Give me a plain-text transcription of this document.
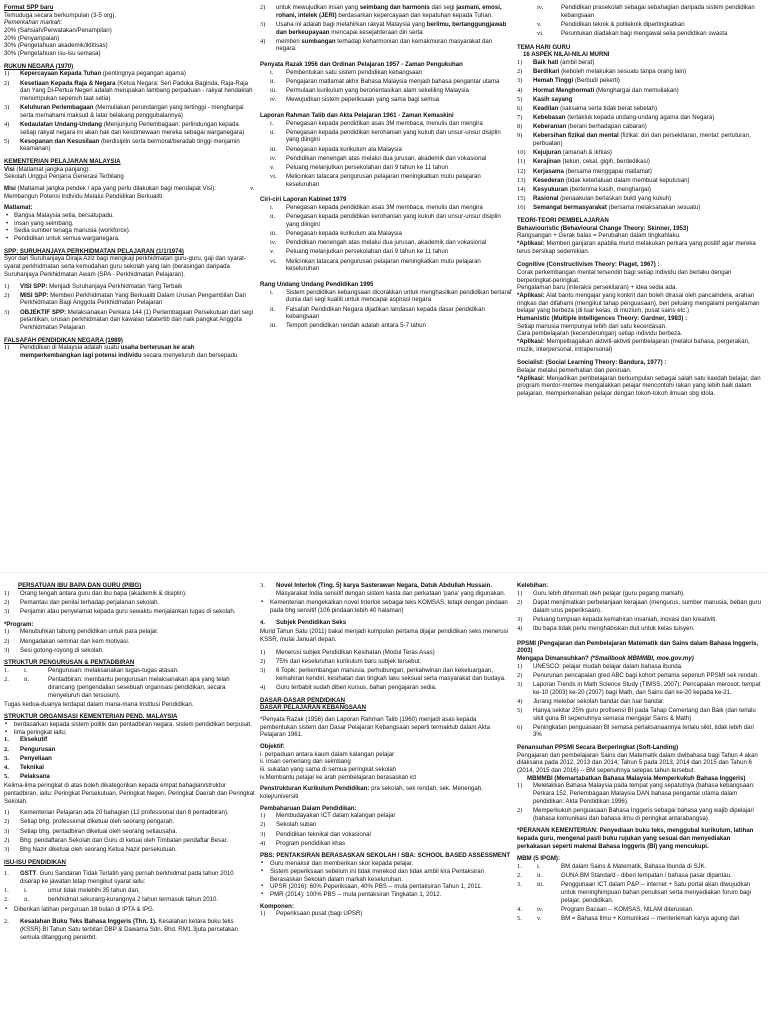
Format SPP baru

Temuduga secara berkumpulan (3-5 org).

Pemerkahan markah:

20% (Sahsiah/Perwatakan/Penampilan)

20% (Penyampaian)

30% (Pengetahuan akademik/iktitisas)

30% (Pengetahuan isu-isu semasa)

RUKUN NEGARA (1970)

1) Kepercayaan Kepada Tuhan (pentingnya pegangan agama)
2) Kesetiaan Kepada Raja & Negara (Ketua Negara: Seri Paduka Baginda, Raja-Raja dan Yang Di-Pertua Negeri adalah merupakan lambang perpaduan - rakyat hendaklah menumpukan sepenuh taat setia)
3) Keluhuran Perlembagaan (Memuliakan perundangan yang tertinggi - menghargai serta memahami maksud & latar belakang penggubalannya)
4) Kedaulatan Undang-Undang (Menjunjung Perlembagaan: perlindungan kepada setiap rakyat negara ini akan hak dan keistimewaan mereka sebagai warganegara)
5) Kesopanan dan Kesusilaan (berdisiplin serta bermoral/beradab tinggi menjamin keamanan)

KEMENTERIAN PELAJARAN MALAYSIA

Visi (Matlamat jangka panjang):

Sekolah Unggul Penjana Generasi Terbilang

Misi (Matlamat jangka pendek / apa yang perlu dilakukan bagi mendapat Visi):

Membangun Potensi Individu Melalui Pendidikan Berkualiti

Matlamat:

• Bangsa Malaysia setia, bersatupadu.
• Insan yang seimbang.
• Sedia sumber tenaga manusia (workforce).
• Pendidikan untuk semua warganegara.

SPP: SURUHANJAYA PERKHIDMATAN PELAJARAN (1/1/1974)

Syor dari Suruhanjaya Diraja Aziz bagi mengkaji perkhidmatan guru-guru, gaji dan syarat-syarat perkhidmatan serta kemudahan guru sekolah yang lain (berasingan daripada Suruhanjaya Perkhidmatan Awam (SPA - Perkhidmatan Pelajaran).

1) VISI SPP: Menjadi Suruhanjaya Perkhidmatan Yang Terbaik
2) MISI SPP: Memberi Perkhidmatan Yang Berkualiti Dalam Urusan Pengambilan Dan Perkhidmatan Bagi Anggota Perkhidmatan Pelajaran
3) OBJEKTIF SPP: Melaksanakan Perkara 144 (1) Perlembagaan Persekutuan dari segi pelantikan, urusan perkhidmatan dan kawalan tatatertib dan naik pangkat Anggota Perkhidmatan Pelajaran

FALSAFAH PENDIDIKAN NEGARA (1989)

1) Pendidikan di Malaysia adalah suatu usaha berterusan ke arah memperkembangkan lagi potensi individu secara menyeluruh dan bersepadu
v.
2) untuk mewujudkan insan yang seimbang dan harmonis dari segi jasmani, emosi, rohani, intelek (JERI) berdasarkan kepercayaan dan kepatuhan kepada Tuhan.
3) Usaha ini adalah bagi melahirkan rakyat Malaysia yang berilmu, bertanggungjawab dan berkeupayaan mencapai kesejahteraan diri serta
4) memberi sumbangan terhadap keharmonian dan kemakmuran masyarakat dan negara.

Penyata Razak 1956 dan Ordinan Pelajaran 1957 - Zaman Pengukuhan

i. Pembentukan satu sistem pendidikan kebangsaan
ii. Pengajaran matlamat akhir Bahasa Malaysia menjadi bahasa pengantar utama
iii. Permulaan kurikulum yang berorientasikan alam sekeliling Malaysia
iv. Mewujudkan sistem peperiksaan yang sama bagi semua

Laporan Rahman Talib dan Akta Pelajaran 1961 - Zaman Kemaskini

i. Penegasan kepada pendidikan asas 3M membaca, menulis dan mengira
ii. Penegasan kepada pendidikan kerohanian yang kukuh dan unsur-unsur disiplin yang diingini
iii. Penegasan kepada kurikulum ala Malaysia
iv. Pendidikan menengah atas melalui dua jurusan, akademik dan vokasional
v. Peluang melanjutkan persekolahan dari 9 tahun ke 11 tahun
vi. Melicinkan tatacara pengurusan pelajaran meningkatkan mutu pelajaran keseluruhan

Ciri-ciri Laporan Kabinet 1979

i. Penegasan kepada pendidikan asas 3M membaca, menulis dan mengira
ii. Penegasan kepada pendidikan kerohanian yang kukuh dan unsur-unsur disiplin yang diingini
iii. Penegasan kepada kurikulum ala Malaysia
iv. Pendidikan menengah atas melalui dua jurusan, akademik dan vokasional
v. Peluang melanjutkan persekolahan dari 9 tahun ke 11 tahun
vi. Melicinkan tatacara pengurusan pelajaran meningkatkan mutu pelajaran keseluruhan

Rang Undang Undang Pendidikan 1995

i. Sistem pendidikan kebangsaan dicorakkan untuk menghasilkan pendidikan bertaraf dunia dari segi kualiti untuk mencapai aspirasi negara
ii. Falsafah Pendidikan Negara dijadikan landasan kepada dasar pendidikan kebangsaan
iii. Tempoh pendidikan rendah adalah antara 5-7 tahun
iv.	Pendidikan prasekolah sebagai sebahagian daripada sistem pendidikan kebangsaan
v.	Pendidikan teknik & politeknik dipertingkatkan
vi.	Peruntukan diadakan bagi mengawal selia pendidikan swasta

TEMA HARI GURU

16 ASPEK NILAI-NILAI MURNI

1) Baik hati (ambil berat)
2) Berdikari (keboleh melakukan sesuatu tanpa orang lain)
3) Hemah Tinggi (Berbudi pekerti)
4) Hormat Menghormati (Menghargai dan memuliakan)
5) Kasih sayang
6) Keadilan (saksama serta tidak berat sebelah)
7) Kebebasan (tertakluk kepada undang-undang agama dan Negara)
8) Keberanian (berani berhadapan cabaran)
9) Kebersihan fizikal dan mental (fizikal: diri dan persekitaran, mental: pertuturan, perbuatan)
10) Kejujuran (amanah & ikhlas)
11) Kerajinan (tekun, cekal, gigih, berdedikasi)
12) Kerjasama (bersama menggapai matlamat)
13) Kesederan (tidak keterlaluan dalam membuat keputusan)
14) Kesyukuran (berterima kasih, menghargai)
15) Rasional (penaakulan berlaskan bukti yang kukuh)
16) Semangat bermasyarakat (bersama melaksanakan sesuatu)

TEORI-TEORI PEMBELAJARAN

Behaviouristic (Behavioural Change Theory: Skinner, 1953)

Rangsangan + Gerak balas = Perubahan dalam tingkahlaku.

*Aplikasi: Memberi ganjaran apabila murid melakukan perkara yang positif agar mereka terus bersikap sedemikian.

Cognitive (Constructivism Theory: Piaget, 1967) :

Corak perkembangan mental tersendiri bagi setiap individu dan berlaku dengan berperingkat-peringkat.

Pengalaman baru (interaksi persekitaran) + idea sedia ada.

*Aplikasi: Alat bantu mengajar yang konkrit dan boleh dirasai oleh pancaindera, arahan ringkas dan difahami (mengikut tahap penguasaan), beri peluang mengalami pengalaman belajar yang berbeza (di luar kelas, di muzium, pusat sains etc.)

Humanistic (Multiple Intelligences Theory: Gardner, 1983) :

Setiap manusia mempunyai lebih dari satu kecerdasan.

Cara pembelajaran (kecenderungan) setiap individu berbeza.

*Aplikasi: Mempelbagaikan aktiviti-aktiviti pembelajaran (melalui bahasa, pergerakan, muzik, interpersonal, intrapersonal)

Socialist: (Social Learning Theory: Bandura, 1977) :

Belajar melalui pemerhatian dan peniruan.

*Aplikasi: Menjadikan pembelajaran berkumpulan sebagai salah satu kaedah belajar, dan program mentor-mentee mengalakkan pelajar mencontohi rakan yang lebih baik dalam pelajaran, memperkenalkan pelajar dengan tokoh-tokoh ilmuan sbg idola.

PERSATUAN IBU BAPA DAN GURU (PIBG)

1) Orang tengah antara guru dan ibu bapa (akademik & disiplin).
2) Pemantau dan penilai terhadap perjalanan sekolah.
3) Penjamin atau penyelamat kepada guru sewaktu menjalankan tugas di sekolah.

*Program:

1) Menubuhkan tabung pendidikan untuk para pelajar.
2) Mengadakan seminar dan kem motivasi.
3) Sesi gotong-royong di sekolah.

STRUKTUR PENGURUSAN & PENTADBIRAN

1. i.	Pengurusan: melaksanakan tugas-tugas atasan.
2. ii.	Pentadbiran: membantu pengurusan melaksanakan apa yang telah dirancang (pengendalian sesebuah organisasi pendidikan, secara menyeluruh dan tersusun).

Tugas kedua-duanya terdapat dalam mana-mana Institusi Pendidikan.

STRUKTUR ORGANISASI KEMENTERIAN PEND. MALAYSIA

▪ berdasarkan kepada sistem politik dan pentadbiran negara. sistem pendidikan berpusat.
▪ lima peringkat iaitu;
1. Eksekutif
2. Pengurusan
3. Penyeliaan
4. Teknikal
5. Pelaksana

Kelima-lima peringkat di atas boleh dikategorikan kepada empat bahagian/struktur pentadbiran, iaitu: Peringkat Persekutuan, Peringkat Negeri, Peringkat Daerah dan Peringkat Sekolah.

1) Kementerian Pelajaran ada 20 bahagian (12 professional dan 8 pentadbiran).
2) Setiap bhg. professional diketuai oleh seorang pengarah.
3) Setiap bhg. pentadbiran diketuai oleh seorang setiausaha.
2) Bhg. pendaftaran Sekolah dan Guru di ketuai oleh Timbalan pendaftar Besar.
3) Bhg Nazir diketuai oleh seorang Ketua Nazir persekutuan.

ISU-ISU PENDIDIKAN

1. GSTT. Guru Sandaran Tidak Terlatih yang pernah berkhidmat pada tahun 2010 diserap ke jawatan tetap mengikut syarat iaitu:
1. i.	umur tidak melebihi 35 tahun dan,
2. ii.	berkhidmat sekurang-kurangnya 2 tahun termasuk tahun 2010.
▪ Diberikan latihan perguruan 18 bulan di IPTA & IPG.
2. Kesalahan Buku Teks Bahasa Inggeris (Thn. 1). Kesalahan ketara buku teks (KSSR) BI Tahun Satu terbitan DBP & Dawama Sdn. Bhd. RM1.3juta percetakan semula ditanggung penerbit.
3. Novel Interlok (Ting. 5) karya Sasterawan Negara, Datuk Abdullah Hussain. Masyarakat India sensitif dengan sistem kasta dan perkataan 'paria' yang digunakan.
▪ Kementerian mengekalkan novel Interlok sebagai teks KOMSAS, tetapi dengan pindaan pada bhg sensitif (106 pindaan:lebih 40 halaman)
4. Subjek Pendidikan Seks

Murid Tahun Satu (2011) bakal menjadi kumpulan pertama dijajar pendidikan seks menerusi KSSR, mulai Januari depan.

1) Menerusi subjek Pendidikan Kesihatan (Modul Teras Asas)
2) 75% dari keseluruhan kurikulum baru subjek tersebut.
3) 6 Topik: perkembangan manusia, perhubungan, perkahwinan dan kekeluargaan, kemahiran kendiri, kesihatan dan tingkah laku seksual serta masyarakat dan budaya.
4) Guru terbabit sudah diberi kursus, bahan pengajaran sedia.

DASAR-DASAR PENDIDIKAN

DASAR PELAJARAN KEBANGSAAN

*Penyata Razak (1956) dan Laporan Rahman Talib (1960) menjadi asas kepada pembentukan sistem dan Dasar Pelajaran Kebangsaan seperti termaktub dalam Akta Pelajaran 1961.

Objektif:

i. perpaduan antara kaum dalam kalangan pelajar

ii. insan cemerlang dan seimbang

iii. sukatan yang sama di semua peringkat sekolah

iv.Membantu pelajar ke arah pembelajaran berasaskan ict

Penstrukturan Kurikulum Pendidikan: pra sekolah, sek rendah, sek. Menengah, kolej/universiti

Pembaharuan Dalam Pendidikan:

1) Membudayakan ICT dalam kalangan pelajar
2) Sekolah suban
3) Pendidikan teknikal dan vokasional
4) Program pendidikan khas

PBS: PENTAKSIRAN BERASASKAN SEKOLAH / SBA: SCHOOL BASED ASSESSMENT

▪ Guru menaksir dan memberikan skor kepada pelajar.
▪ Sistem peperiksaan sebelum ini tidak merekod dan tidak ambil kira Pentaksiran Berasaskan Sekolah dalam markah keseluruhan.
▪ UPSR (2016): 60% Peperiksaan, 40% PBS -- mula pentaksiran Tahun 1, 2011.
▪ PMR (2014): 100% PBS -- mula pentaksiran Tingkatan 1, 2012.

Komponen:

1) Peperiksaan pusat (bagi UPSR)

Kelebihan:

1) Guru lebih dihormati oleh pelajar (guru pegang markah).
2) Dapat menjimatkan perbelanjaan kerajaan (mengurus, sumber manusia, beban guru dalam urus peperiksaan).
3) Peluang tumpuan kepada kemahiran insaniah, inovasi dan kreativiti.
4) Ibu bapa tidak perlu menghabiskan duit untuk kelas tuisyen.

PPSMI (Pengajaran dan Pembelajaran Matematik dan Sains dalam Bahasa Inggeris, 2003)

Mengapa Dimansuhkan? (*Smallbook MBMMBI, moe.gov.my)

1) UNESCO: pelajar mudah belajar dalam bahasa ibunda.
2) Penurunan pencapaian gred ABC bagi kohort pertama sepenuh PPSMI sek rendah.
3) Laporan Trends in Math Science Study (TIMSS, 2007): Pencapaian merosot, tempat ke-10 (2003) ke-20 (2007) bagi Math, dan Sains dari ke-20 kepada ke-21.
4) Jurang melebar sekolah bandar dan luar bandar.
5) Hanya sekitar 25% guru profisensi BI pada Tahap Cemerlang dan Baik (dan terlalu sikit guna BI sepenuhnya semasa mengajar Sains & Math)
6) Peningkatan penguasaan BI semasa perlaksanaannya terlalu sikit, tidak lebih dari 3%

Penansuhan PPSMI Secara Berperingkat (Soft-Landing)

Pengajaran dan pembelajaran Sains dan Matematik dalam dwibahasa bagi Tahun 4 akan dilaksana pada 2012, 2013 dan 2014; Tahun 5 pada 2013, 2014 dan 2015 dan Tahun 6 (2014, 2015 dan 2016) -- BM sepenuhnya selepas tahun tersebut.

MBMMBI (Memartabatkan Bahasa Malaysia Memperkukuh Bahasa Inggeris)

1) Meletakkan Bahasa Malaysia pada tempat yang sepatutnya (bahasa kebangsaan: Perkara 152, Perlembagaan Malaysia DAN bahasa pengantar utama dalam pendidikan: Akta Pendidikan 1996).
2) Memperkukuh penguasaan Bahasa Inggeris sebagai bahasa yang wajib dipelajari (bahasa komunikasi dan bahasa ilmu di peringkat antarabangsa).

*PERANAN KEMENTERIAN: Penyediaan buku teks, menggubal kurikulum, latihan kepada guru, mengenal pasti buku rujukan yang sesuai dan menyediakan perkakasan seperti makmal Bahasa Inggeris (BI) yang mencukupi.

MBM (5 IPGM):

1. i.	BM dalam Sains & Matematik, Bahasa Ibunda di SJK.
2. ii.	GUNA BM Standard - diberi tempatan / bahasa pasar dipantau.
3. iii.	Penggunaan ICT dalam P&P -- internet + Satu portal akan diwujudkan untuk meninghimpuan bahan penulisan serta menyediakan forum bagi pelajar, pendidikan.
4. iv.	Program Bacaan -- KOMSAS, NILAM diteruskan.
5. v.	BM = Bahasa Ilmu + Komunikasi -- menteriemah karya agung dari
